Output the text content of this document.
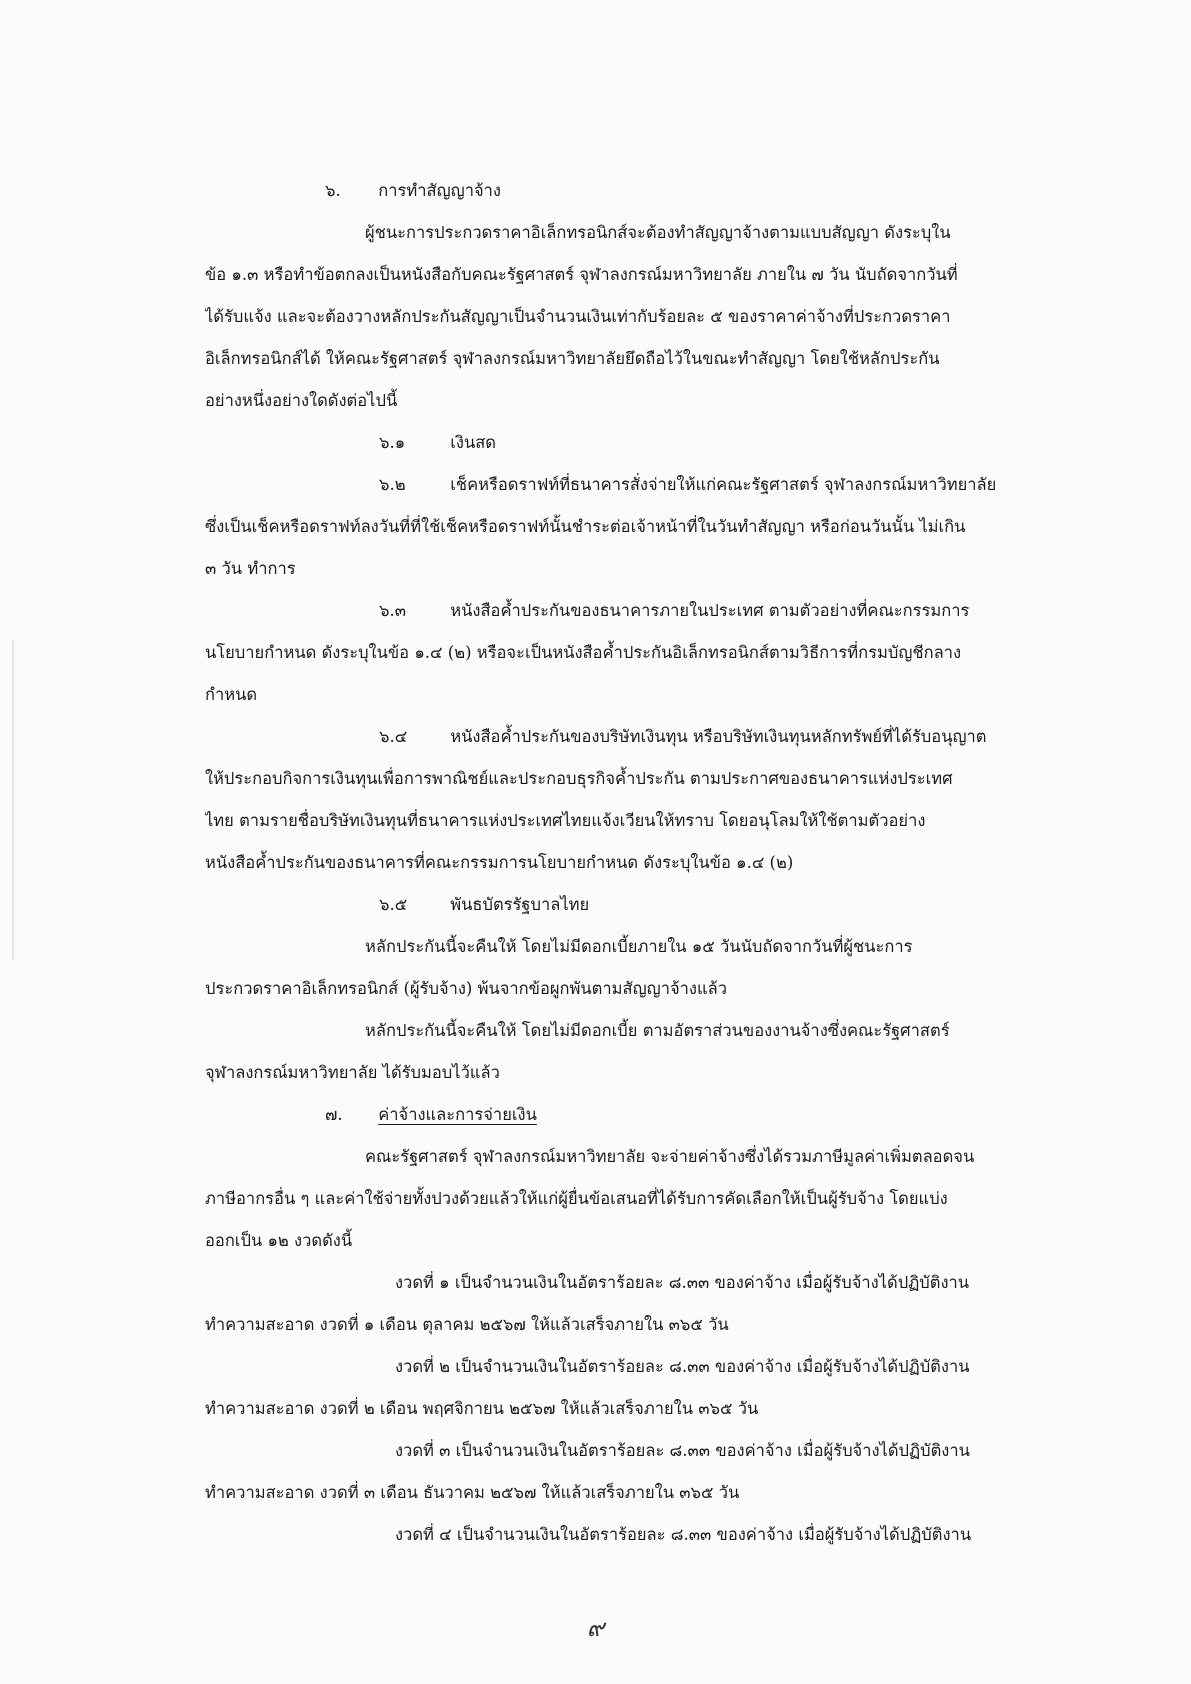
๖. การทำสัญญาจ้าง
ผู้ชนะการประกวดราคาอิเล็กทรอนิกส์จะต้องทำสัญญาจ้างตามแบบสัญญา ดังระบุใน
ข้อ ๑.๓ หรือทำข้อตกลงเป็นหนังสือกับคณะรัฐศาสตร์ จุฬาลงกรณ์มหาวิทยาลัย ภายใน ๗ วัน นับถัดจากวันที่
ได้รับแจ้ง และจะต้องวางหลักประกันสัญญาเป็นจำนวนเงินเท่ากับร้อยละ ๕ ของราคาค่าจ้างที่ประกวดราคา
อิเล็กทรอนิกส์ได้ ให้คณะรัฐศาสตร์ จุฬาลงกรณ์มหาวิทยาลัยยึดถือไว้ในขณะทำสัญญา โดยใช้หลักประกัน
อย่างหนึ่งอย่างใดดังต่อไปนี้
๖.๑	เงินสด
๖.๒	เช็คหรือดราฟท์ที่ธนาคารสั่งจ่ายให้แก่คณะรัฐศาสตร์ จุฬาลงกรณ์มหาวิทยาลัย
ซึ่งเป็นเช็คหรือดราฟท์ลงวันที่ที่ใช้เช็คหรือดราฟท์นั้นชำระต่อเจ้าหน้าที่ในวันทำสัญญา หรือก่อนวันนั้น ไม่เกิน
๓ วัน ทำการ
๖.๓	หนังสือค้ำประกันของธนาคารภายในประเทศ ตามตัวอย่างที่คณะกรรมการ
นโยบายกำหนด ดังระบุในข้อ ๑.๔ (๒) หรือจะเป็นหนังสือค้ำประกันอิเล็กทรอนิกส์ตามวิธีการที่กรมบัญชีกลาง
กำหนด
๖.๔	หนังสือค้ำประกันของบริษัทเงินทุน หรือบริษัทเงินทุนหลักทรัพย์ที่ได้รับอนุญาต
ให้ประกอบกิจการเงินทุนเพื่อการพาณิชย์และประกอบธุรกิจค้ำประกัน ตามประกาศของธนาคารแห่งประเทศ
ไทย ตามรายชื่อบริษัทเงินทุนที่ธนาคารแห่งประเทศไทยแจ้งเวียนให้ทราบ โดยอนุโลมให้ใช้ตามตัวอย่าง
หนังสือค้ำประกันของธนาคารที่คณะกรรมการนโยบายกำหนด ดังระบุในข้อ ๑.๔ (๒)
๖.๕	พันธบัตรรัฐบาลไทย
หลักประกันนี้จะคืนให้ โดยไม่มีดอกเบี้ยภายใน ๑๕ วันนับถัดจากวันที่ผู้ชนะการ
ประกวดราคาอิเล็กทรอนิกส์ (ผู้รับจ้าง) พ้นจากข้อผูกพันตามสัญญาจ้างแล้ว
หลักประกันนี้จะคืนให้ โดยไม่มีดอกเบี้ย ตามอัตราส่วนของงานจ้างซึ่งคณะรัฐศาสตร์
จุฬาลงกรณ์มหาวิทยาลัย ได้รับมอบไว้แล้ว
๗. ค่าจ้างและการจ่ายเงิน
คณะรัฐศาสตร์ จุฬาลงกรณ์มหาวิทยาลัย จะจ่ายค่าจ้างซึ่งได้รวมภาษีมูลค่าเพิ่มตลอดจน
ภาษีอากรอื่น ๆ และค่าใช้จ่ายทั้งปวงด้วยแล้วให้แก่ผู้ยื่นข้อเสนอที่ได้รับการคัดเลือกให้เป็นผู้รับจ้าง โดยแบ่ง
ออกเป็น ๑๒ งวดดังนี้
งวดที่ ๑ เป็นจำนวนเงินในอัตราร้อยละ ๘.๓๓ ของค่าจ้าง เมื่อผู้รับจ้างได้ปฏิบัติงาน
ทำความสะอาด งวดที่ ๑ เดือน ตุลาคม ๒๕๖๗ ให้แล้วเสร็จภายใน ๓๖๕ วัน
งวดที่ ๒ เป็นจำนวนเงินในอัตราร้อยละ ๘.๓๓ ของค่าจ้าง เมื่อผู้รับจ้างได้ปฏิบัติงาน
ทำความสะอาด งวดที่ ๒ เดือน พฤศจิกายน ๒๕๖๗ ให้แล้วเสร็จภายใน ๓๖๕ วัน
งวดที่ ๓ เป็นจำนวนเงินในอัตราร้อยละ ๘.๓๓ ของค่าจ้าง เมื่อผู้รับจ้างได้ปฏิบัติงาน
ทำความสะอาด งวดที่ ๓ เดือน ธันวาคม ๒๕๖๗ ให้แล้วเสร็จภายใน ๓๖๕ วัน
งวดที่ ๔ เป็นจำนวนเงินในอัตราร้อยละ ๘.๓๓ ของค่าจ้าง เมื่อผู้รับจ้างได้ปฏิบัติงาน
๙
